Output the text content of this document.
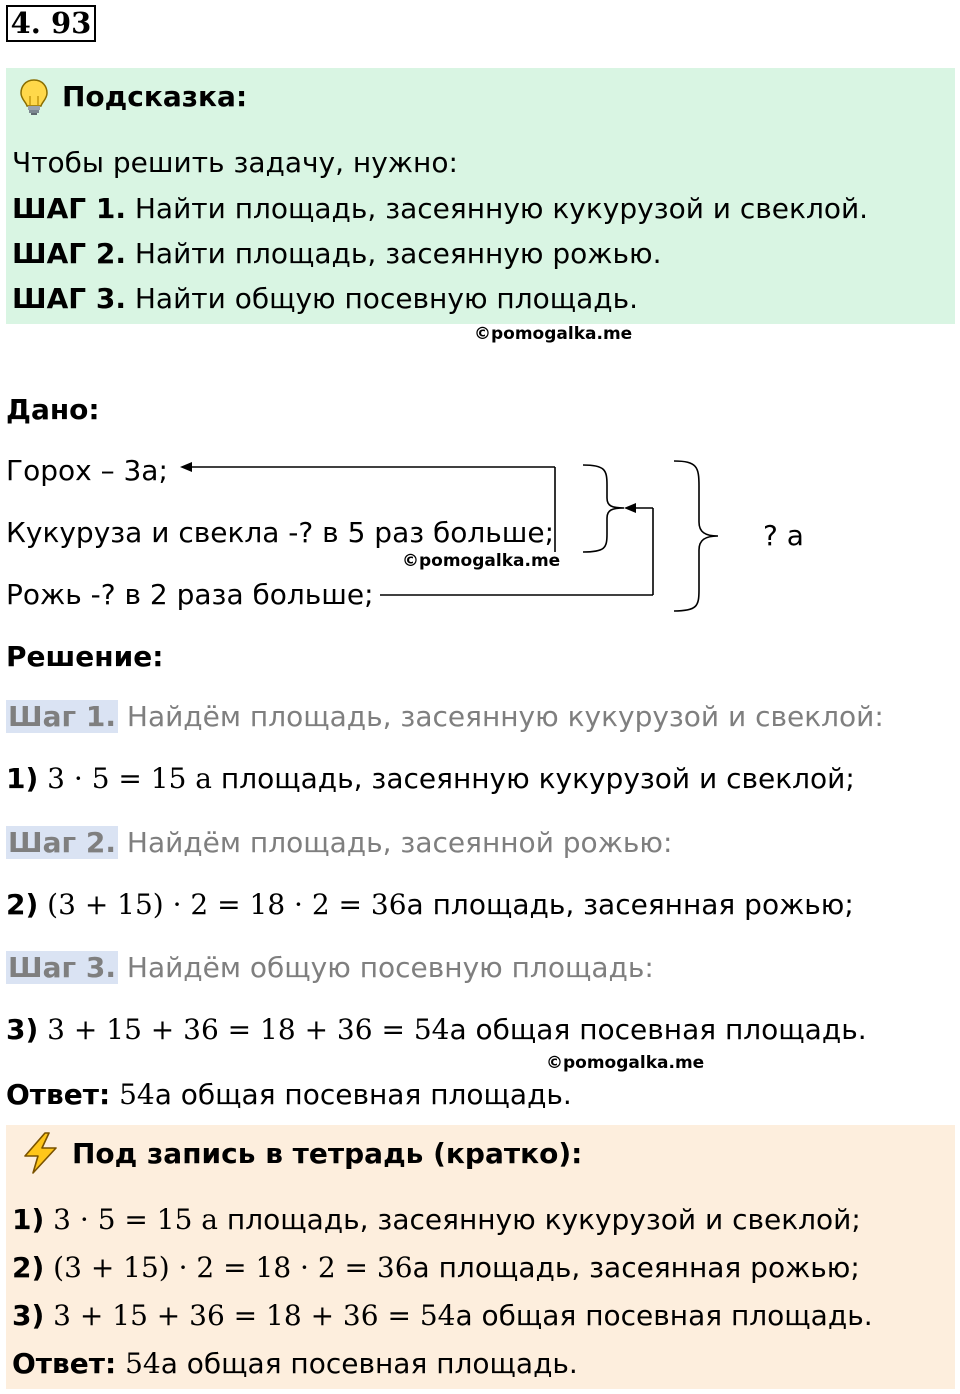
4. 93
Подсказка:
Чтобы решить задачу, нужно:
ШАГ 1. Найти площадь, засеянную кукурузой и свеклой.
ШАГ 2. Найти площадь, засеянную рожью.
ШАГ 3. Найти общую посевную площадь.
©pomogalka.me
Дано:
Горох – 3а;
Кукуруза и свекла -? в 5 раз больше;
©pomogalka.me
Рожь -? в 2 раза больше;
? а
Решение:
Шаг 1. Найдём площадь, засеянную кукурузой и свеклой:
1) 3 · 5 = 15 а площадь, засеянную кукурузой и свеклой;
Шаг 2. Найдём площадь, засеянной рожью:
2) (3 + 15) · 2 = 18 · 2 = 36а площадь, засеянная рожью;
Шаг 3. Найдём общую посевную площадь:
3) 3 + 15 + 36 = 18 + 36 = 54а общая посевная площадь.
©pomogalka.me
Ответ: 54а общая посевная площадь.
Под запись в тетрадь (кратко):
1) 3 · 5 = 15 а площадь, засеянную кукурузой и свеклой;
2) (3 + 15) · 2 = 18 · 2 = 36а площадь, засеянная рожью;
3) 3 + 15 + 36 = 18 + 36 = 54а общая посевная площадь.
Ответ: 54а общая посевная площадь.
